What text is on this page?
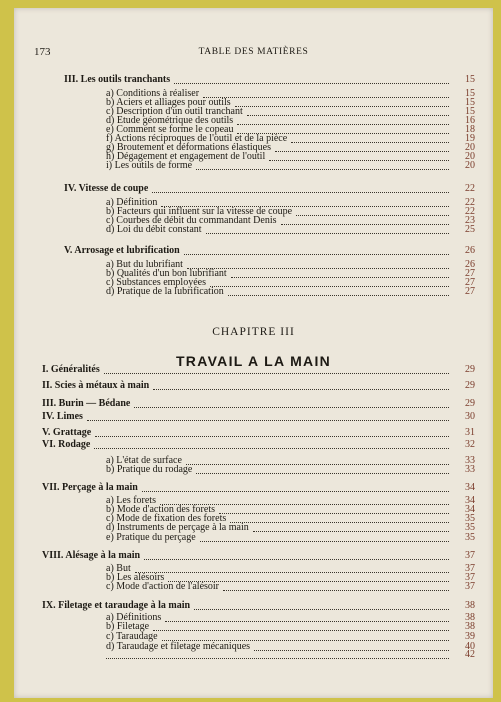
173	TABLE DES MATIÈRES
III. Les outils tranchants	15
a) Conditions à réaliser	15
b) Aciers et alliages pour outils	15
c) Description d'un outil tranchant	15
d) Etude géométrique des outils	16
e) Comment se forme le copeau	18
f) Actions réciproques de l'outil et de la pièce	19
g) Broutement et déformations élastiques	20
h) Dégagement et engagement de l'outil	20
i) Les outils de forme	20
IV. Vitesse de coupe	22
a) Définition	22
b) Facteurs qui influent sur la vitesse de coupe	22
c) Courbes de débit du commandant Denis	23
d) Loi du débit constant	25
V. Arrosage et lubrification	26
a) But du lubrifiant	26
b) Qualités d'un bon lubrifiant	27
c) Substances employées	27
d) Pratique de la lubrification	27
CHAPITRE III
TRAVAIL A LA MAIN
I. Généralités	29
II. Scies à métaux à main	29
III. Burin — Bédane	29
IV. Limes	30
V. Grattage	31
VI. Rodage	32
a) L'état de surface	33
b) Pratique du rodage	33
VII. Perçage à la main	34
a) Les forets	34
b) Mode d'action des forets	34
c) Mode de fixation des forets	35
d) Instruments de perçage à la main	35
e) Pratique du perçage	35
VIII. Alésage à la main	37
a) But	37
b) Les alésoirs	37
c) Mode d'action de l'alésoir	37
IX. Filetage et taraudage à la main	38
a) Définitions	38
b) Filetage	38
c) Taraudage	39
d) Taraudage et filetage mécaniques	40
42
